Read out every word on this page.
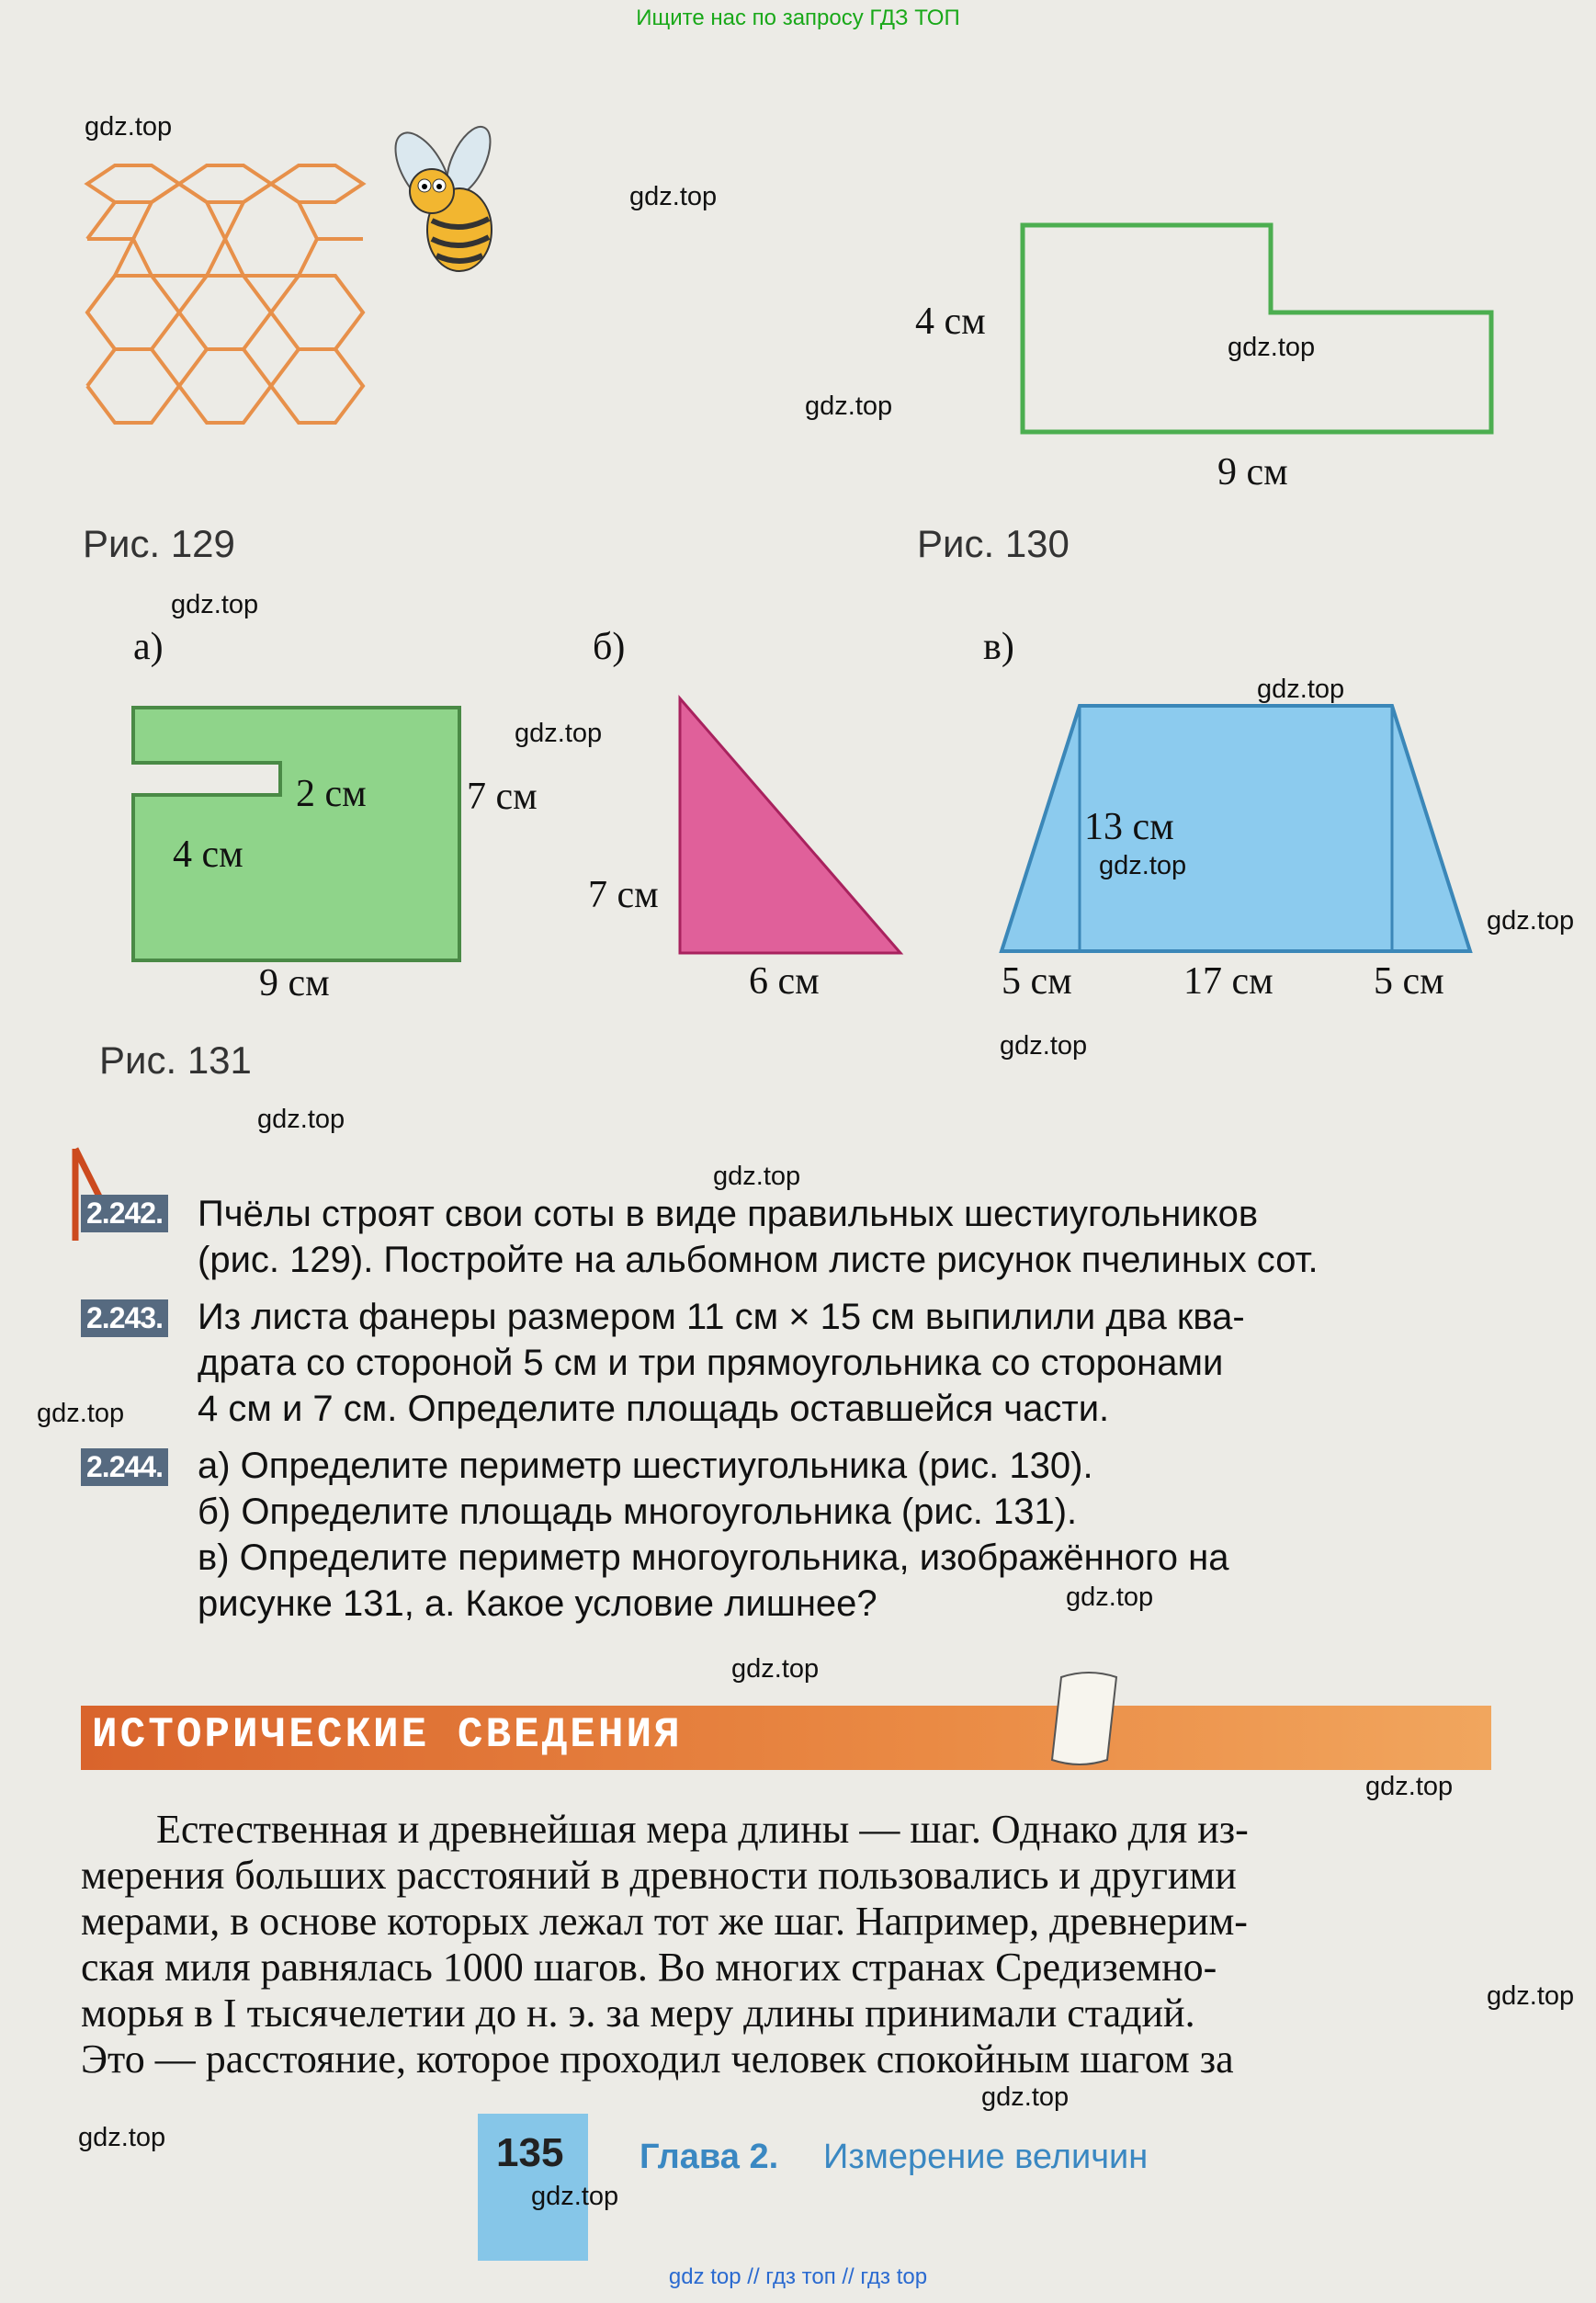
Ищите нас по запросу ГДЗ ТОП
Рис. 129
4 см
9 см
Рис. 130
а)	б)	в)
2 см
4 см
9 см
7 см
7 см
6 см
13 см
5 см	17 см	5 см
Рис. 131
2.242. Пчёлы строят свои соты в виде правильных шестиугольников
(рис. 129). Постройте на альбомном листе рисунок пчелиных сот.
2.243. Из листа фанеры размером 11 см × 15 см выпилили два ква-
драта со стороной 5 см и три прямоугольника со сторонами
4 см и 7 см. Определите площадь оставшейся части.
2.244. а) Определите периметр шестиугольника (рис. 130).
б) Определите площадь многоугольника (рис. 131).
в) Определите периметр многоугольника, изображённого на
рисунке 131, а. Какое условие лишнее?
ИСТОРИЧЕСКИЕ СВЕДЕНИЯ
Естественная и древнейшая мера длины — шаг. Однако для из-
мерения больших расстояний в древности пользовались и другими
мерами, в основе которых лежал тот же шаг. Например, древнерим-
ская миля равнялась 1000 шагов. Во многих странах Средиземно-
морья в I тысячелетии до н. э. за меру длины принимали стадий.
Это — расстояние, которое проходил человек спокойным шагом за
135 Глава 2. Измерение величин
gdz top // гдз топ // гдз top
gdz.top
gdz.top
gdz.top
gdz.top
gdz.top
gdz.top
gdz.top
gdz.top
gdz.top
gdz.top
gdz.top
gdz.top
gdz.top
gdz.top
gdz.top
gdz.top
gdz.top
gdz.top
gdz.top
gdz.top
